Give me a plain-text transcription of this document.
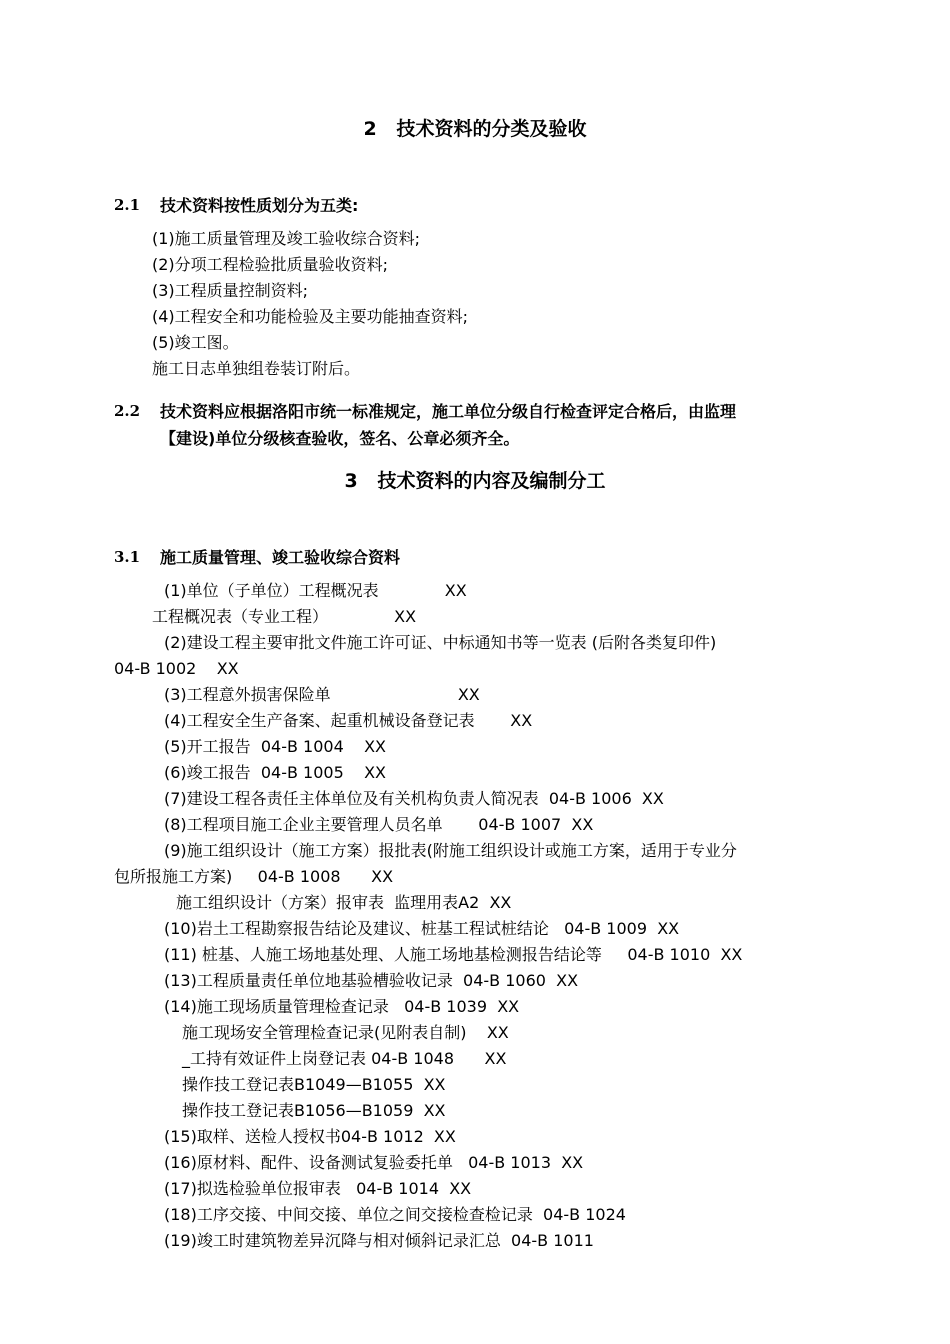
2   技术资料的分类及验收

2.1

技术资料按性质划分为五类:

(1)施工质量管理及竣工验收综合资料;
(2)分项工程检验批质量验收资料;
(3)工程质量控制资料;
(4)工程安全和功能检验及主要功能抽查资料;
(5)竣工图。
施工日志单独组卷装订附后。

2.2

技术资料应根据洛阳市统一标准规定，施工单位分级自行检查评定合格后，由监理

【建设)单位分级核查验收，签名、公章必须齐全。

3   技术资料的内容及编制分工

3.1

施工质量管理、竣工验收综合资料

(1)单位（子单位）工程概况表             XX
工程概况表（专业工程）             XX
(2)建设工程主要审批文件施工许可证、中标通知书等一览表 (后附各类复印件)
04-B 1002    XX
(3)工程意外损害保险单                         XX
(4)工程安全生产备案、起重机械设备登记表       XX
(5)开工报告  04-B 1004    XX
(6)竣工报告  04-B 1005    XX
(7)建设工程各责任主体单位及有关机构负责人简况表  04-B 1006  XX
(8)工程项目施工企业主要管理人员名单       04-B 1007  XX
(9)施工组织设计（施工方案）报批表(附施工组织设计或施工方案，适用于专业分
包所报施工方案)     04-B 1008      XX
施工组织设计（方案）报审表  监理用表A2  XX
(10)岩土工程勘察报告结论及建议、桩基工程试桩结论   04-B 1009  XX
(11) 桩基、人施工场地基处理、人施工场地基检测报告结论等     04-B 1010  XX
(13)工程质量责任单位地基验槽验收记录  04-B 1060  XX
(14)施工现场质量管理检查记录   04-B 1039  XX
施工现场安全管理检查记录(见附表自制)    XX
_工持有效证件上岗登记表 04-B 1048      XX
操作技工登记表B1049—B1055  XX
操作技工登记表B1056—B1059  XX
(15)取样、送检人授权书04-B 1012  XX
(16)原材料、配件、设备测试复验委托单   04-B 1013  XX
(17)拟选检验单位报审表   04-B 1014  XX
(18)工序交接、中间交接、单位之间交接检查检记录  04-B 1024
(19)竣工时建筑物差异沉降与相对倾斜记录汇总  04-B 1011
